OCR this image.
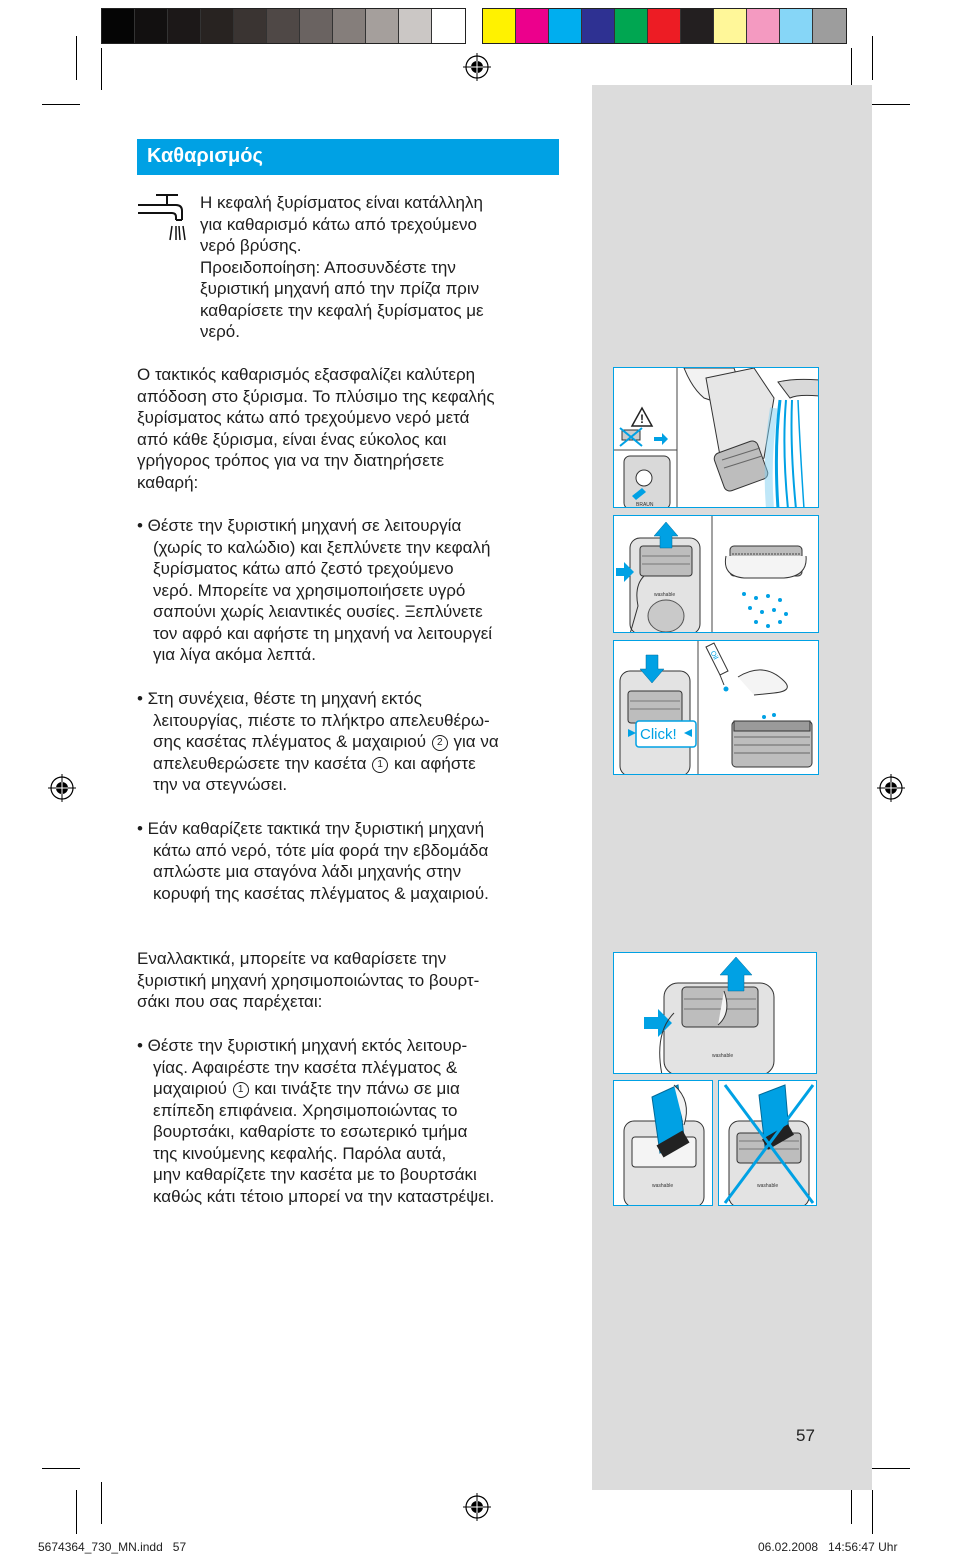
Καθαρισμός
Η κεφαλή ξυρίσματος είναι κατάλληλη
για καθαρισμό κάτω από τρεχούμενο
νερό βρύσης.
Προειδοποίηση: Αποσυνδέστε την
ξυριστική μηχανή από την πρίζα πριν
καθαρίσετε την κεφαλή ξυρίσματος με
νερό.
Ο τακτικός καθαρισμός εξασφαλίζει καλύτερη
απόδοση στο ξύρισμα. Το πλύσιμο της κεφαλής
ξυρίσματος κάτω από τρεχούμενο νερό μετά
από κάθε ξύρισμα, είναι ένας εύκολος και
γρήγορος τρόπος για να την διατηρήσετε
καθαρή:
• Θέστε την ξυριστική μηχανή σε λειτουργία
(χωρίς το καλώδιο) και ξεπλύνετε την κεφαλή
ξυρίσματος κάτω από ζεστό τρεχούμενο
νερό. Μπορείτε να χρησιμοποιήσετε υγρό
σαπούνι χωρίς λειαντικές ουσίες. Ξεπλύνετε
τον αφρό και αφήστε τη μηχανή να λειτουργεί
για λίγα ακόμα λεπτά.
• Στη συνέχεια, θέστε τη μηχανή εκτός
λειτουργίας, πιέστε το πλήκτρο απελευθέρω-
σης κασέτας πλέγματος & μαχαιριού 2 για να
απελευθερώσετε την κασέτα 1 και αφήστε
την να στεγνώσει.
• Εάν καθαρίζετε τακτικά την ξυριστική μηχανή
κάτω από νερό, τότε μία φορά την εβδομάδα
απλώστε μια σταγόνα λάδι μηχανής στην
κορυφή της κασέτας πλέγματος & μαχαιριού.
Εναλλακτικά, μπορείτε να καθαρίσετε την
ξυριστική μηχανή χρησιμοποιώντας το βουρτ-
σάκι που σας παρέχεται:
• Θέστε την ξυριστική μηχανή εκτός λειτουρ-
γίας. Αφαιρέστε την κασέτα πλέγματος &
μαχαιριού 1 και τινάξτε την πάνω σε μια
επίπεδη επιφάνεια. Χρησιμοποιώντας το
βουρτσάκι, καθαρίστε το εσωτερικό τμήμα
της κινούμενης κεφαλής. Παρόλα αυτά,
μην καθαρίζετε την κασέτα με το βουρτσάκι
καθώς κάτι τέτοιο μπορεί να την καταστρέψει.
!
BRAUN
washable
Click!
Oil
washable
washable	washable
57
5674364_730_MN.indd   57	06.02.2008   14:56:47 Uhr
